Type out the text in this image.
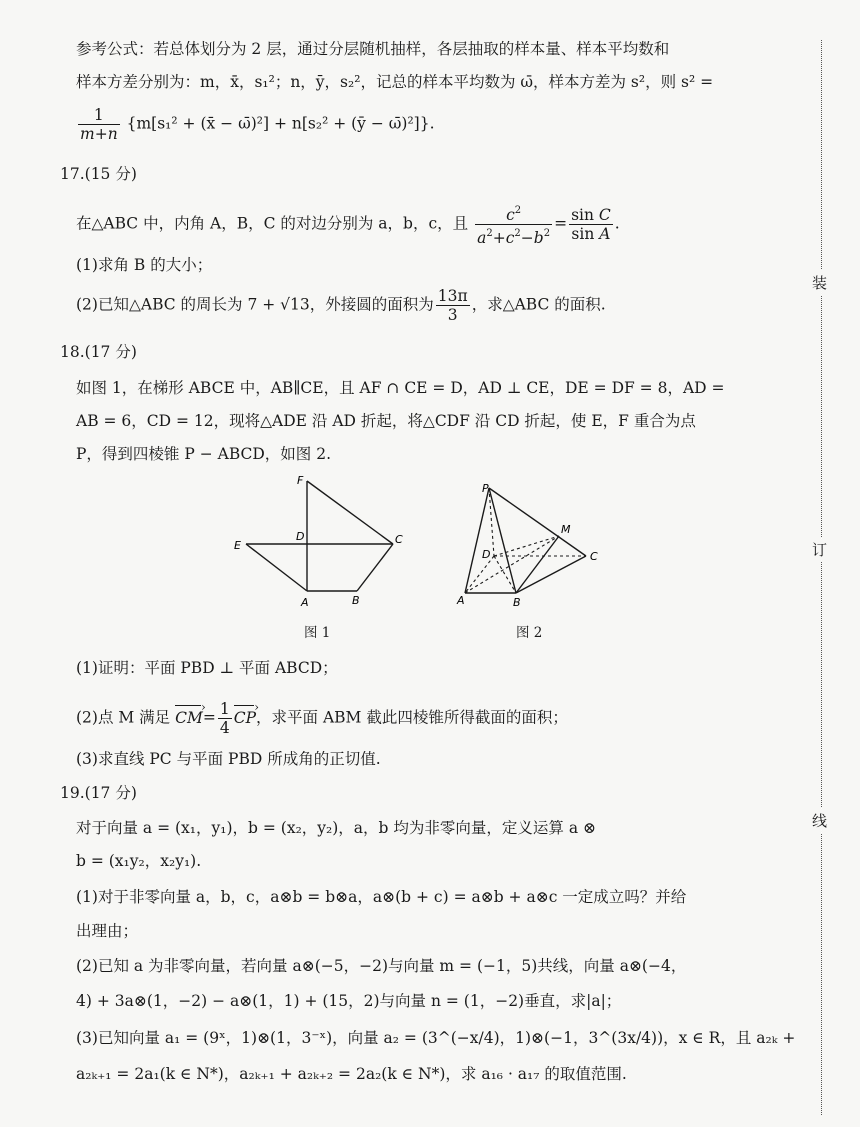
装
订
线
参考公式：若总体划分为 2 层，通过分层随机抽样，各层抽取的样本量、样本平均数和
样本方差分别为：m，x̄，s₁²；n，ȳ，s₂²，记总的样本平均数为 ω̄，样本方差为 s²，则 s² =
$\frac{1}{m+n} \{m[s_1^2$ + (x̄ − ω̄)²] + n[s₂² + (ȳ − ω̄)²]}.
17.(15 分)
在△ABC 中，内角 A，B，C 的对边分别为 a，b，c，且 $\frac{c^2}{a^2+c^2-b^2} = \frac{\text{sin C}}{\text{sin A}}$ .
(1)求角 B 的大小；
(2)已知△ABC 的周长为 7 + √13，外接圆的面积为 $\frac{13\pi}{3}$ ，求△ABC 的面积.
18.(17 分)
如图 1，在梯形 ABCE 中，AB∥CE，且 AF ∩ CE = D，AD ⊥ CE，DE = DF = 8，AD =
AB = 6，CD = 12，现将△ADE 沿 AD 折起，将△CDF 沿 CD 折起，使 E，F 重合为点
P，得到四棱锥 P − ABCD，如图 2.
F
E
D	C
A	B
图 1
P
M
D	C
A	B
图 2
(1)证明：平面 PBD ⊥ 平面 ABCD；
(2)点 M 满足 CM ›= $\frac{1}{4}$ CP ›，求平面 ABM 截此四棱锥所得截面的面积；
(3)求直线 PC 与平面 PBD 所成角的正切值.
19.(17 分)
对于向量 a = (x₁，y₁)，b = (x₂，y₂)，a，b 均为非零向量，定义运算 a ⊗
b = (x₁y₂，x₂y₁).
(1)对于非零向量 a，b，c，a⊗b = b⊗a，a⊗(b + c) = a⊗b + a⊗c 一定成立吗？并给
出理由；
(2)已知 a 为非零向量，若向量 a⊗(−5，−2)与向量 m = (−1，5)共线，向量 a⊗(−4，
4) + 3a⊗(1，−2) − a⊗(1，1) + (15，2)与向量 n = (1，−2)垂直，求|a|；
(3)已知向量 a₁ = (9ˣ，1)⊗(1，3⁻ˣ)，向量 a₂ = (3^(−x/4)，1)⊗(−1，3^(3x/4))，x ∈ R，且 a₂ₖ +
a₂ₖ₊₁ = 2a₁(k ∈ N*)，a₂ₖ₊₁ + a₂ₖ₊₂ = 2a₂(k ∈ N*)，求 a₁₆ · a₁₇ 的取值范围.
